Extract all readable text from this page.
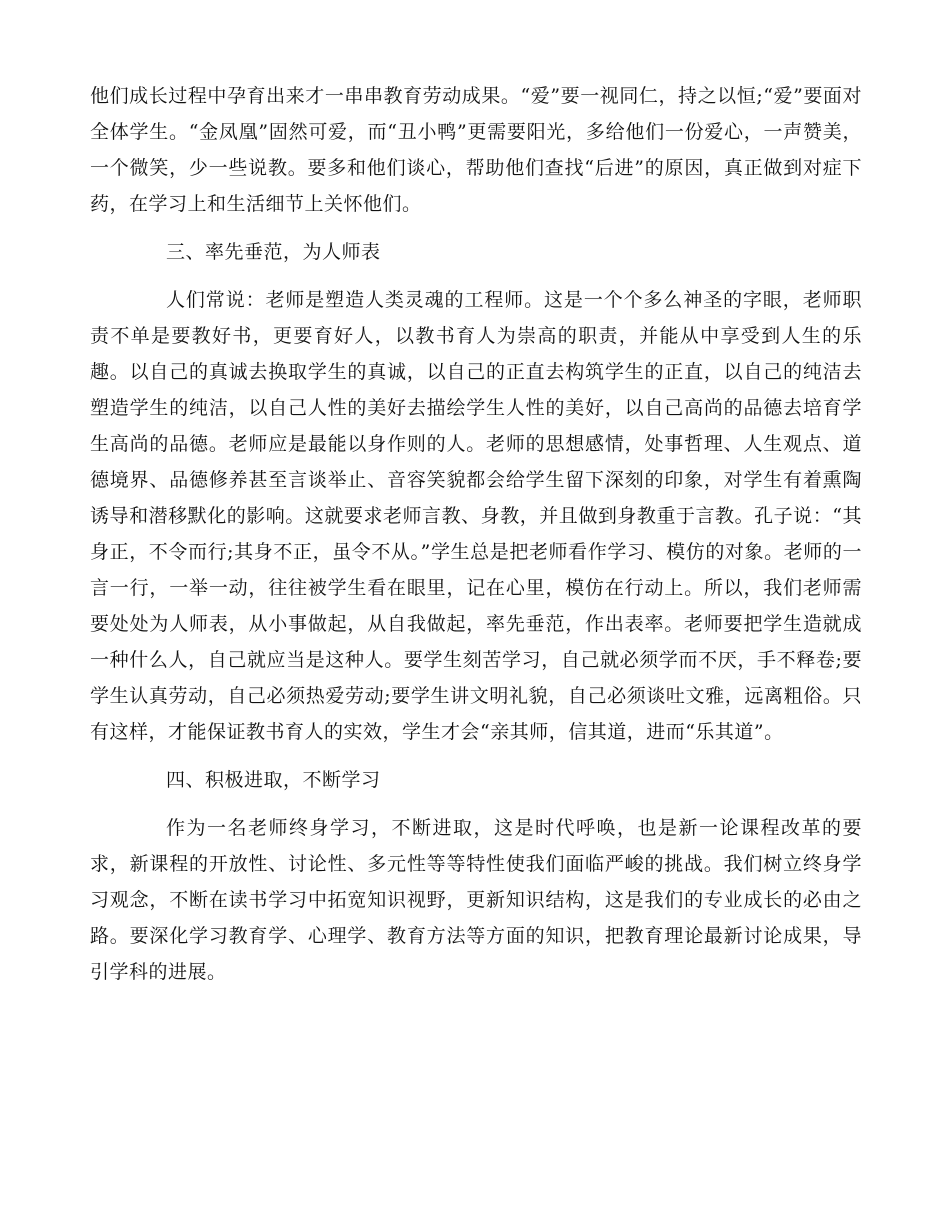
他们成长过程中孕育出来才一串串教育劳动成果。“爱”要一视同仁，持之以恒;“爱”要面对全体学生。“金凤凰”固然可爱，而“丑小鸭”更需要阳光，多给他们一份爱心，一声赞美，一个微笑，少一些说教。要多和他们谈心，帮助他们查找“后进”的原因，真正做到对症下药，在学习上和生活细节上关怀他们。

三、率先垂范，为人师表

人们常说：老师是塑造人类灵魂的工程师。这是一个个多么神圣的字眼，老师职责不单是要教好书，更要育好人，以教书育人为崇高的职责，并能从中享受到人生的乐趣。以自己的真诚去换取学生的真诚，以自己的正直去构筑学生的正直，以自己的纯洁去塑造学生的纯洁，以自己人性的美好去描绘学生人性的美好，以自己高尚的品德去培育学生高尚的品德。老师应是最能以身作则的人。老师的思想感情，处事哲理、人生观点、道德境界、品德修养甚至言谈举止、音容笑貌都会给学生留下深刻的印象，对学生有着熏陶诱导和潜移默化的影响。这就要求老师言教、身教，并且做到身教重于言教。孔子说：“其身正，不令而行;其身不正，虽令不从。”学生总是把老师看作学习、模仿的对象。老师的一言一行，一举一动，往往被学生看在眼里，记在心里，模仿在行动上。所以，我们老师需要处处为人师表，从小事做起，从自我做起，率先垂范，作出表率。老师要把学生造就成一种什么人，自己就应当是这种人。要学生刻苦学习，自己就必须学而不厌，手不释卷;要学生认真劳动，自己必须热爱劳动;要学生讲文明礼貌，自己必须谈吐文雅，远离粗俗。只有这样，才能保证教书育人的实效，学生才会“亲其师，信其道，进而“乐其道”。

四、积极进取，不断学习

作为一名老师终身学习，不断进取，这是时代呼唤，也是新一论课程改革的要求，新课程的开放性、讨论性、多元性等等特性使我们面临严峻的挑战。我们树立终身学习观念，不断在读书学习中拓宽知识视野，更新知识结构，这是我们的专业成长的必由之路。要深化学习教育学、心理学、教育方法等方面的知识，把教育理论最新讨论成果，导引学科的进展。
